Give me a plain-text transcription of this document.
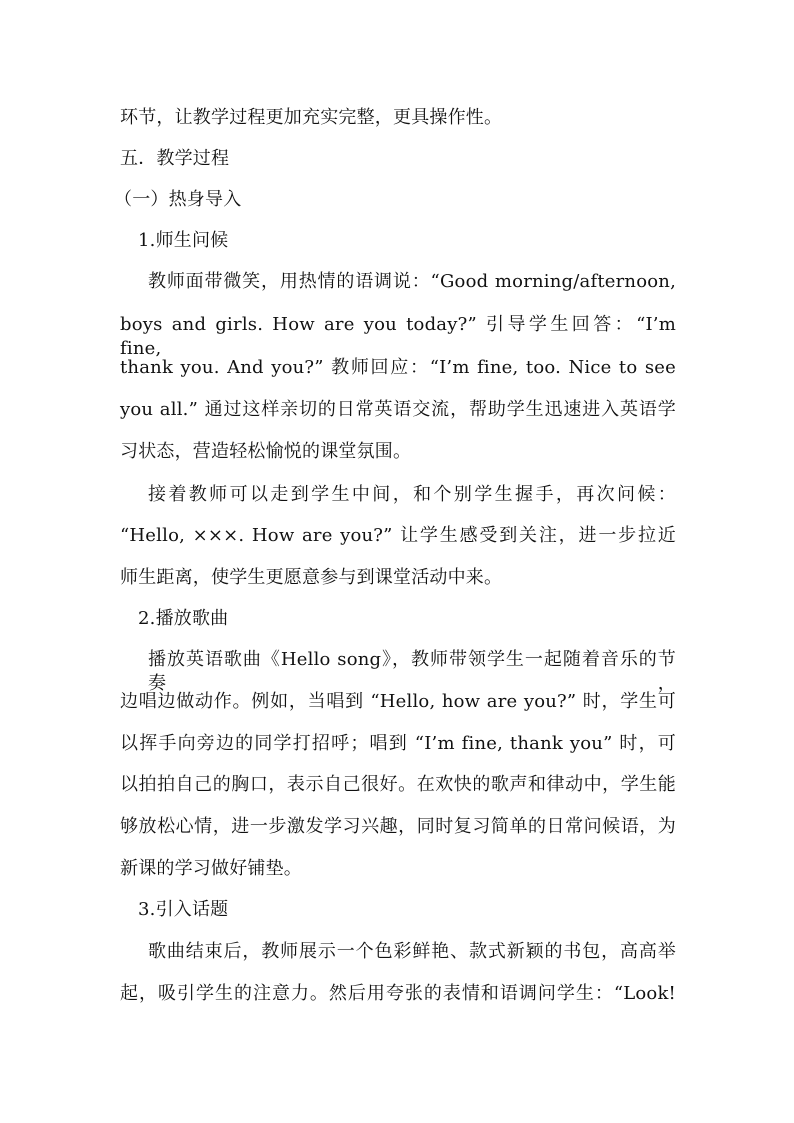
环节，让教学过程更加充实完整，更具操作性。
五．教学过程
（一）热身导入
1.师生问候
教师面带微笑，用热情的语调说：“Good morning/afternoon,
boys and girls. How are you today?” 引导学生回答：“I’m fine,
thank you. And you?” 教师回应：“I’m fine, too. Nice to see
you all.” 通过这样亲切的日常英语交流，帮助学生迅速进入英语学
习状态，营造轻松愉悦的课堂氛围。
接着教师可以走到学生中间，和个别学生握手，再次问候：
“Hello, ×××. How are you?” 让学生感受到关注，进一步拉近
师生距离，使学生更愿意参与到课堂活动中来。
2.播放歌曲
播放英语歌曲《Hello song》，教师带领学生一起随着音乐的节奏，
边唱边做动作。例如，当唱到 “Hello, how are you?” 时，学生可
以挥手向旁边的同学打招呼；唱到 “I’m fine, thank you” 时，可
以拍拍自己的胸口，表示自己很好。在欢快的歌声和律动中，学生能
够放松心情，进一步激发学习兴趣，同时复习简单的日常问候语，为
新课的学习做好铺垫。
3.引入话题
歌曲结束后，教师展示一个色彩鲜艳、款式新颖的书包，高高举
起，吸引学生的注意力。然后用夸张的表情和语调问学生：“Look!
